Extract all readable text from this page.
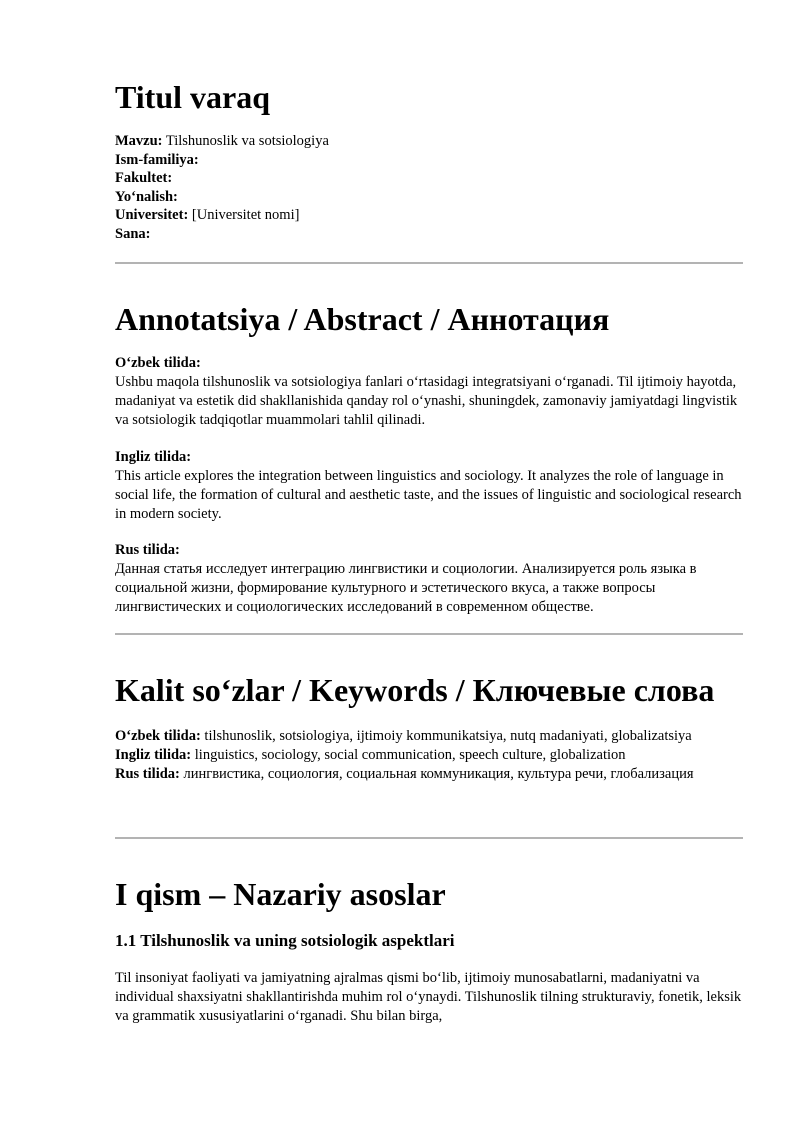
Titul varaq

Mavzu: Tilshunoslik va sotsiologiya

Ism-familiya:

Fakultet:

Yo‘nalish:

Universitet: [Universitet nomi]

Sana:

Annotatsiya / Abstract / Аннотация

O‘zbek tilida:

Ushbu maqola tilshunoslik va sotsiologiya fanlari o‘rtasidagi integratsiyani o‘rganadi. Til ijtimoiy hayotda, madaniyat va estetik did shakllanishida qanday rol o‘ynashi, shuningdek, zamonaviy jamiyatdagi lingvistik va sotsiologik tadqiqotlar muammolari tahlil qilinadi.

Ingliz tilida:

This article explores the integration between linguistics and sociology. It analyzes the role of language in social life, the formation of cultural and aesthetic taste, and the issues of linguistic and sociological research in modern society.

Rus tilida:

Данная статья исследует интеграцию лингвистики и социологии. Анализируется роль языка в социальной жизни, формирование культурного и эстетического вкуса, а также вопросы лингвистических и социологических исследований в современном обществе.

Kalit so‘zlar / Keywords / Ключевые слова

O‘zbek tilida: tilshunoslik, sotsiologiya, ijtimoiy kommunikatsiya, nutq madaniyati, globalizatsiya

Ingliz tilida: linguistics, sociology, social communication, speech culture, globalization

Rus tilida: лингвистика, социология, социальная коммуникация, культура речи, глобализация

I qism – Nazariy asoslar
1.1 Tilshunoslik va uning sotsiologik aspektlari

Til insoniyat faoliyati va jamiyatning ajralmas qismi bo‘lib, ijtimoiy munosabatlarni, madaniyatni va individual shaxsiyatni shakllantirishda muhim rol o‘ynaydi. Tilshunoslik tilning strukturaviy, fonetik, leksik va grammatik xususiyatlarini o‘rganadi. Shu bilan birga,
